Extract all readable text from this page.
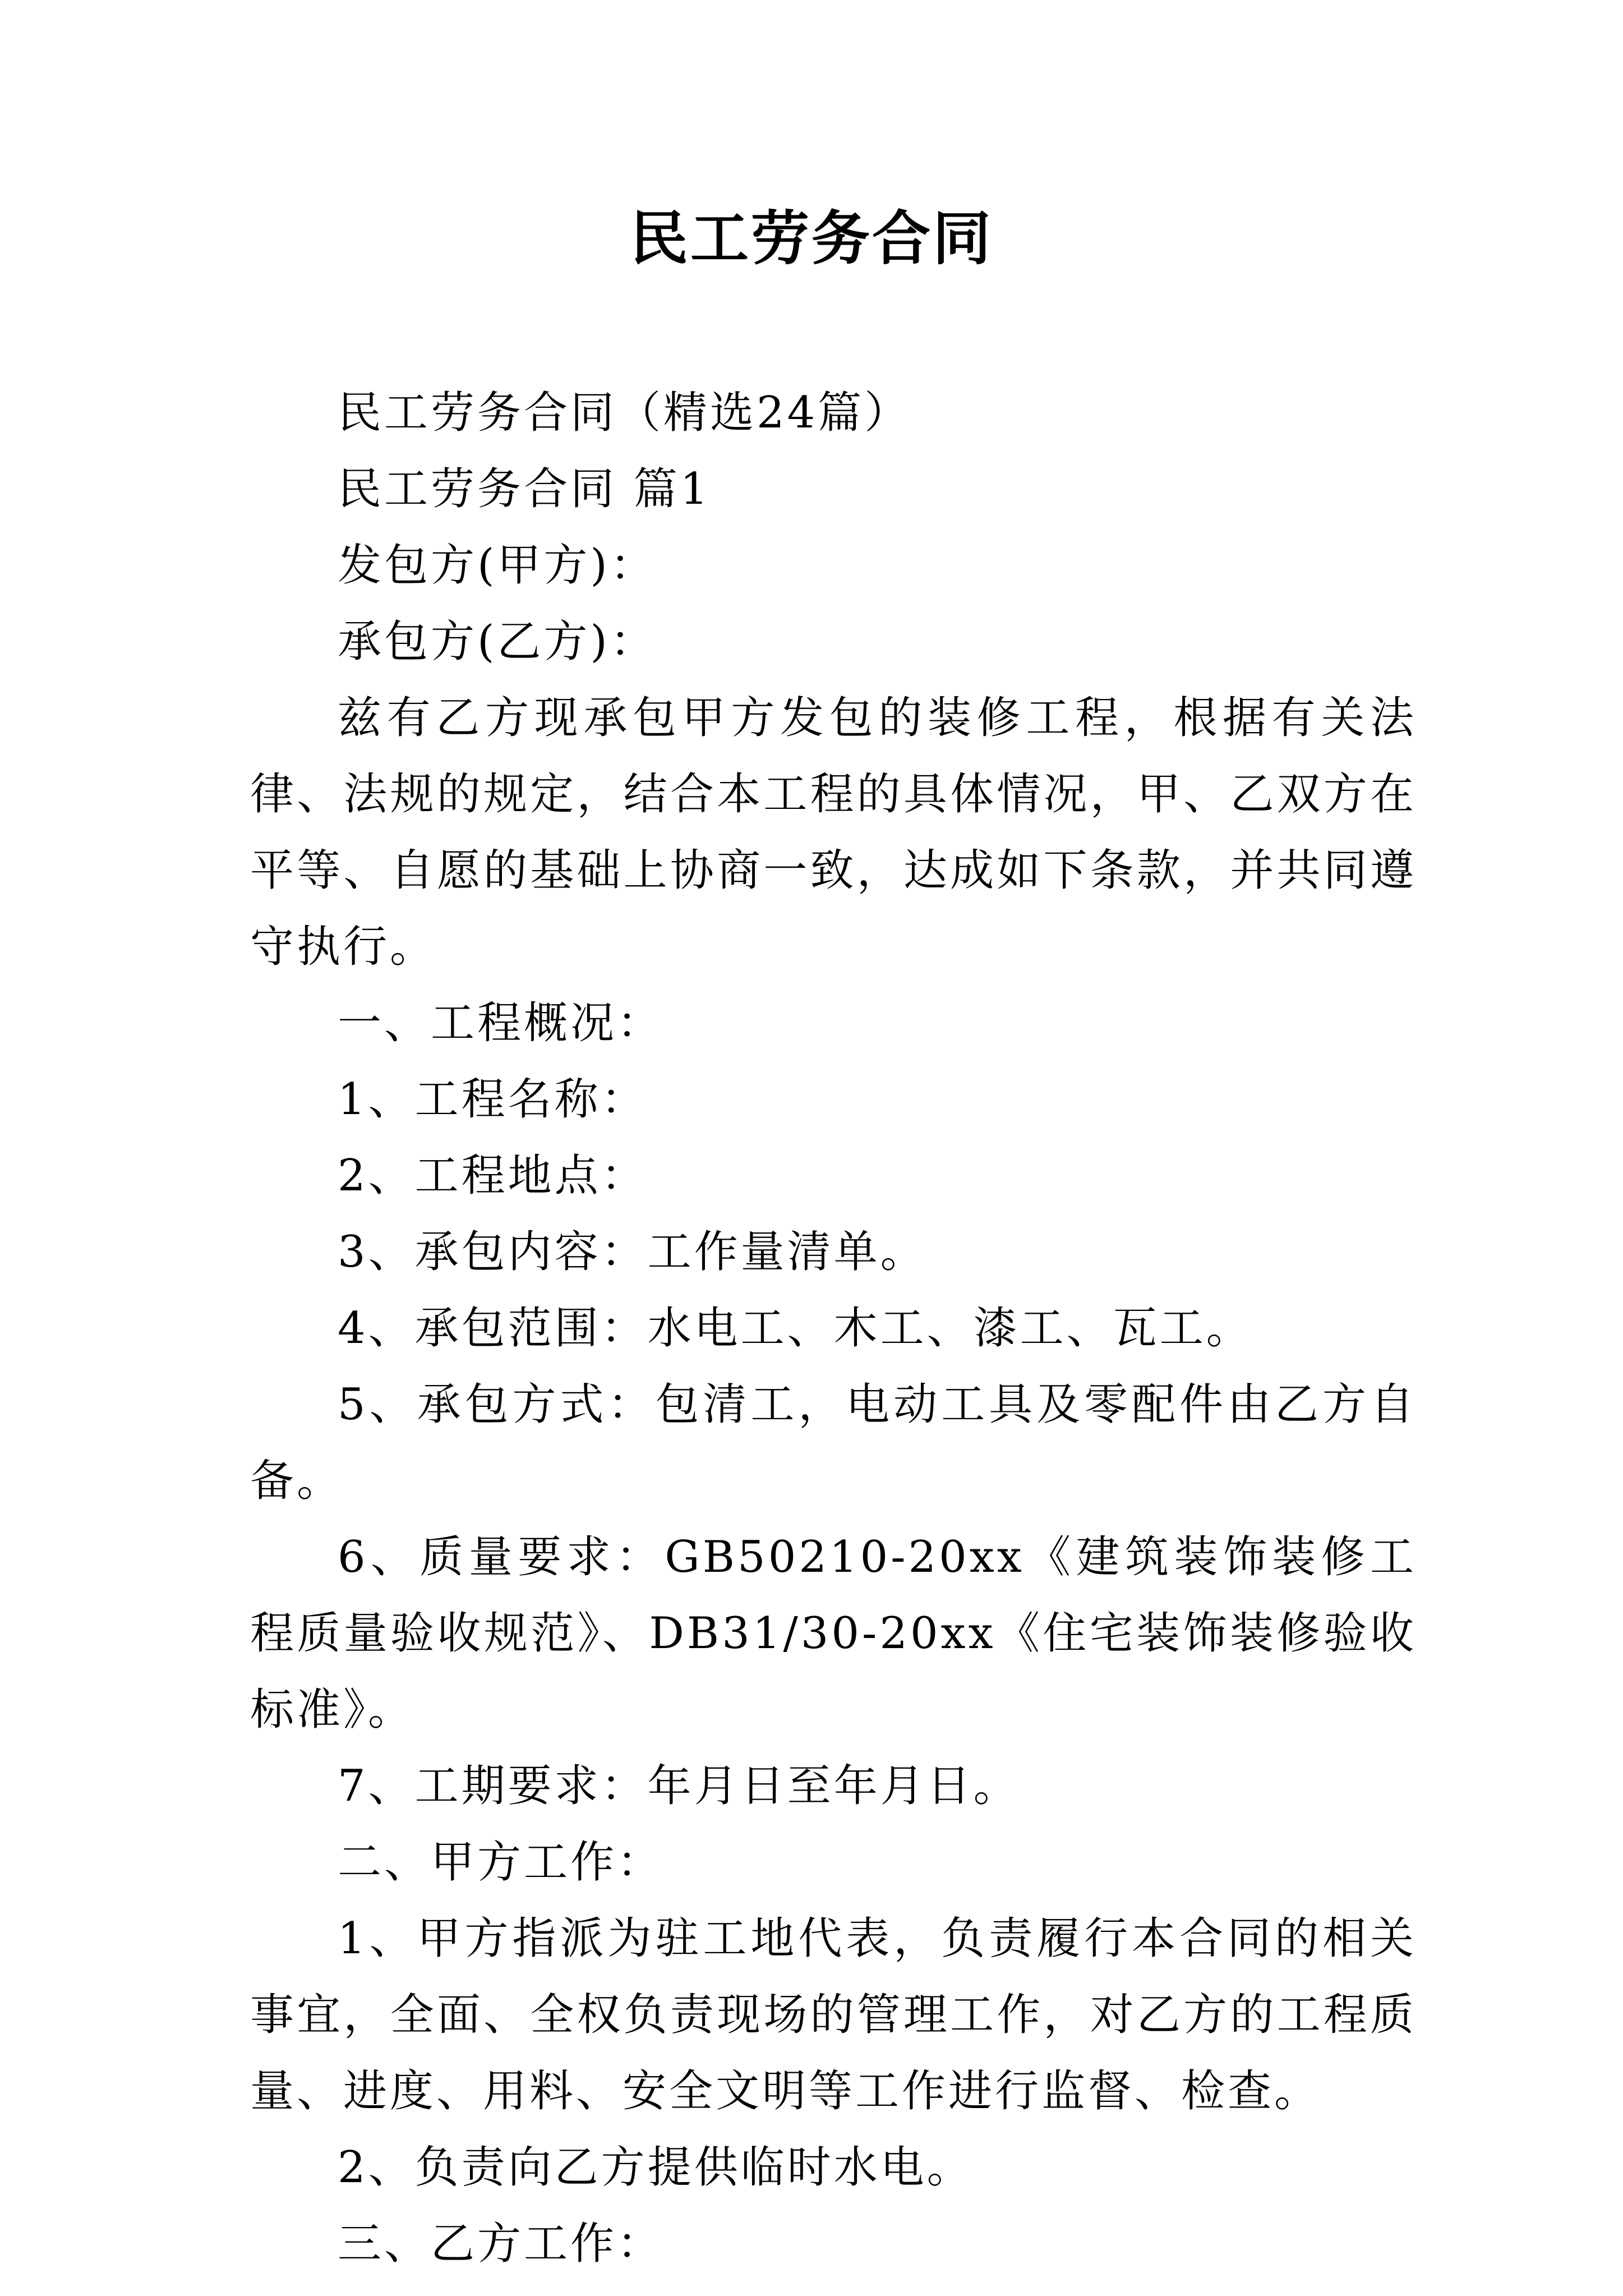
民工劳务合同

民工劳务合同（精选24篇）

民工劳务合同 篇1

发包方(甲方)：

承包方(乙方)：

兹有乙方现承包甲方发包的装修工程，根据有关法律、法规的规定，结合本工程的具体情况，甲、乙双方在平等、自愿的基础上协商一致，达成如下条款，并共同遵守执行。

一、工程概况：

1、工程名称：

2、工程地点：

3、承包内容：工作量清单。

4、承包范围：水电工、木工、漆工、瓦工。

5、承包方式：包清工，电动工具及零配件由乙方自备。

6、质量要求：GB50210-20xx《建筑装饰装修工程质量验收规范》、DB31/30-20xx《住宅装饰装修验收标准》。

7、工期要求：年月日至年月日。

二、甲方工作：

1、甲方指派为驻工地代表，负责履行本合同的相关事宜，全面、全权负责现场的管理工作，对乙方的工程质量、进度、用料、安全文明等工作进行监督、检查。

2、负责向乙方提供临时水电。

三、乙方工作：
